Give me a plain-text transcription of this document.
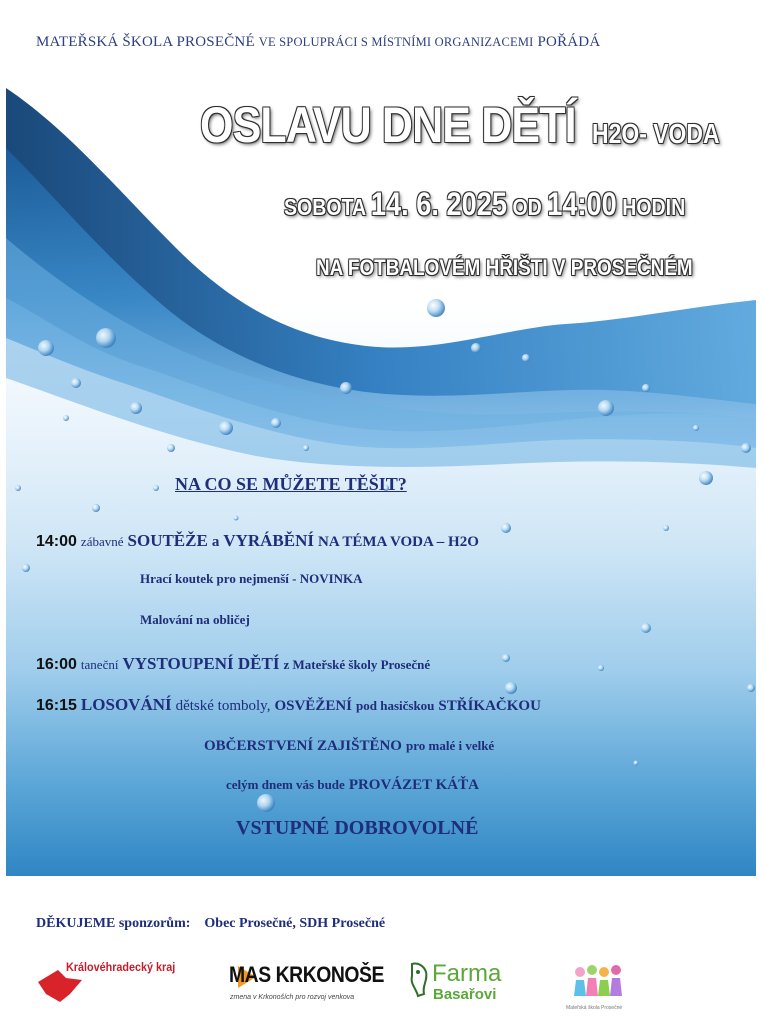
MATEŘSKÁ ŠKOLA PROSEČNÉ VE SPOLUPRÁCI S MÍSTNÍMI ORGANIZACEMI POŘÁDÁ
OSLAVU DNE DĚTÍ H2O- VODA
SOBOTA 14. 6. 2025 OD 14:00 HODIN
NA FOTBALOVÉM HŘIŠTI V PROSEČNÉM
NA CO SE MŮŽETE TĚŠIT?
14:00 zábavné SOUTĚŽE a VYRÁBĚNÍ NA TÉMA VODA – H2O
Hrací koutek pro nejmenší - NOVINKA
Malování na obličej
16:00 taneční VYSTOUPENÍ DĚTÍ z Mateřské školy Prosečné
16:15 LOSOVÁNÍ dětské tomboly, OSVĚŽENÍ pod hasičskou STŘÍKAČKOU
OBČERSTVENÍ ZAJIŠTĚNO pro malé i velké
celým dnem vás bude PROVÁZET KÁŤA
VSTUPNÉ DOBROVOLNÉ
DĚKUJEME sponzorům: Obec Prosečné, SDH Prosečné
Královéhradecký kraj MAS KRKONOŠE
zmena v Krkonoších pro rozvoj venkova
Farma
Basařovi
Mateřská škola Prosečné
